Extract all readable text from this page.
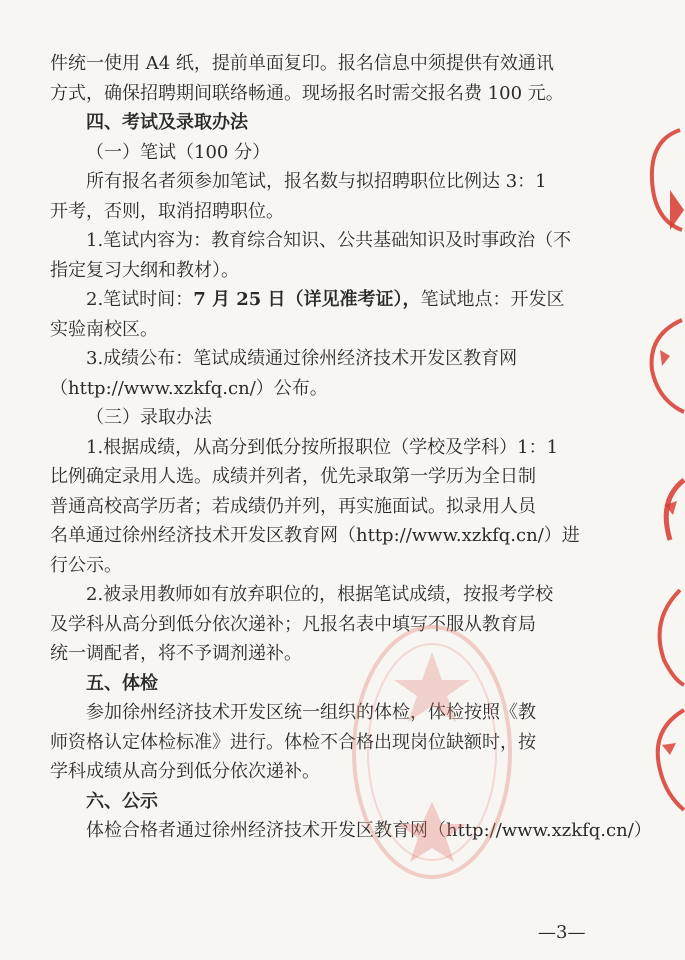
件统一使用 A4 纸，提前单面复印。报名信息中须提供有效通讯
方式，确保招聘期间联络畅通。现场报名时需交报名费 100 元。
四、考试及录取办法
（一）笔试（100 分）
所有报名者须参加笔试，报名数与拟招聘职位比例达 3：1
开考，否则，取消招聘职位。
1.笔试内容为：教育综合知识、公共基础知识及时事政治（不
指定复习大纲和教材）。
2.笔试时间：7 月 25 日（详见准考证），笔试地点：开发区
实验南校区。
3.成绩公布：笔试成绩通过徐州经济技术开发区教育网
（http://www.xzkfq.cn/）公布。
（三）录取办法
1.根据成绩，从高分到低分按所报职位（学校及学科）1：1
比例确定录用人选。成绩并列者，优先录取第一学历为全日制
普通高校高学历者；若成绩仍并列，再实施面试。拟录用人员
名单通过徐州经济技术开发区教育网（http://www.xzkfq.cn/）进
行公示。
2.被录用教师如有放弃职位的，根据笔试成绩，按报考学校
及学科从高分到低分依次递补；凡报名表中填写不服从教育局
统一调配者，将不予调剂递补。
五、体检
参加徐州经济技术开发区统一组织的体检，体检按照《教
师资格认定体检标准》进行。体检不合格出现岗位缺额时，按
学科成绩从高分到低分依次递补。
六、公示
体检合格者通过徐州经济技术开发区教育网（http://www.xzkfq.cn/）
—3—
